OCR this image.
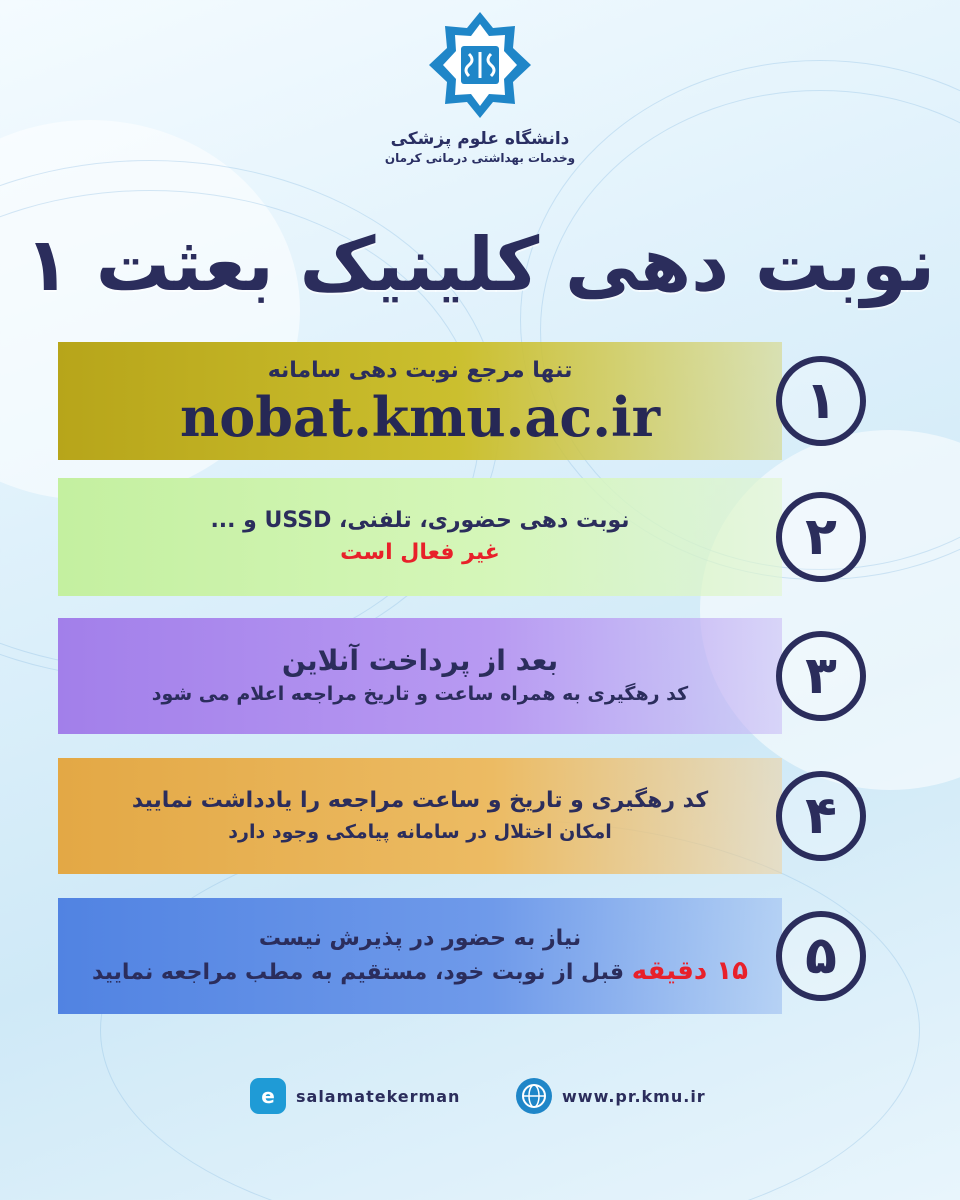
دانشگاه علوم پزشکی
وخدمات بهداشتی درمانی کرمان
نوبت دهی کلینیک بعثت ۱
تنها مرجع نوبت دهی سامانه
nobat.kmu.ac.ir	۱
نوبت دهی حضوری، تلفنی، USSD و ...
غیر فعال است	۲
بعد از پرداخت آنلاین
کد رهگیری به همراه ساعت و تاریخ مراجعه اعلام می شود	۳
کد رهگیری و تاریخ و ساعت مراجعه را یادداشت نمایید
امکان اختلال در سامانه پیامکی وجود دارد	۴
نیاز به حضور در پذیرش نیست
۱۵ دقیقه قبل از نوبت خود، مستقیم به مطب مراجعه نمایید	۵
e	salamatekerman	www.pr.kmu.ir
